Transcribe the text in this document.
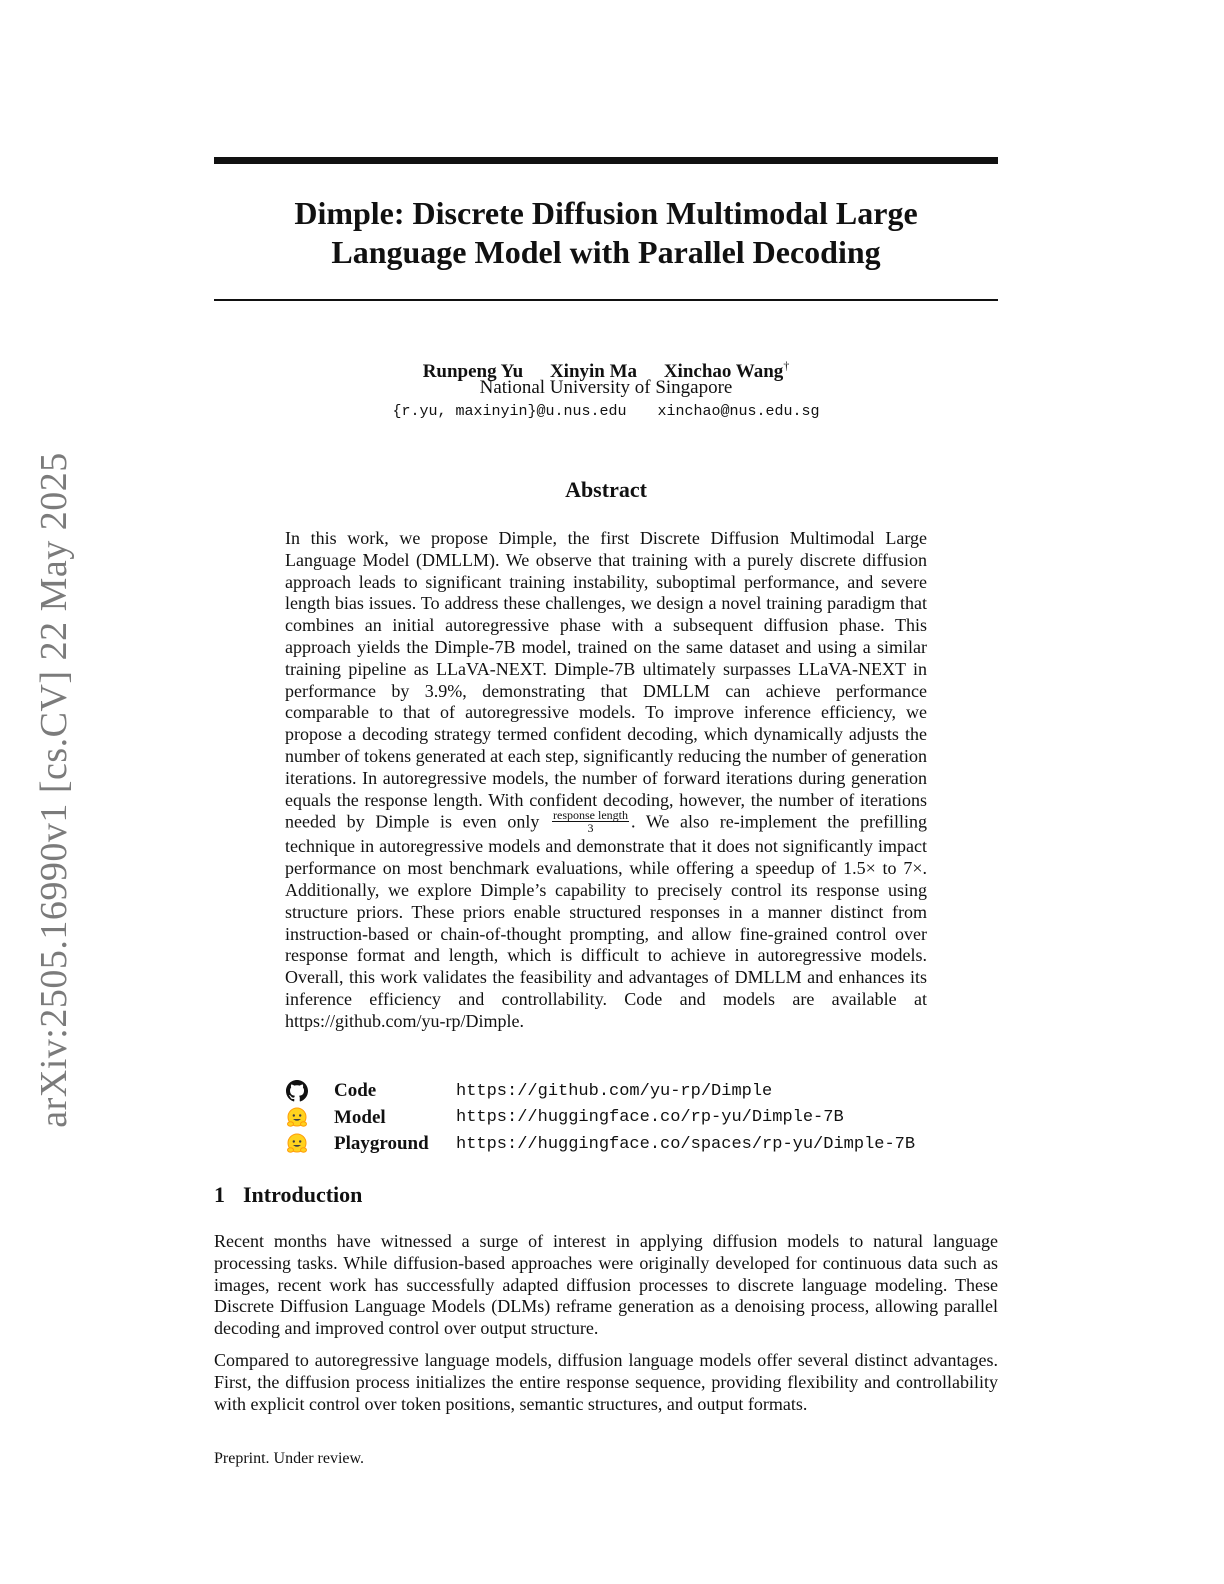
arXiv:2505.16990v1 [cs.CV] 22 May 2025
Dimple: Discrete Diffusion Multimodal Large
Language Model with Parallel Decoding
Runpeng Yu Xinyin Ma Xinchao Wang†
National University of Singapore
{r.yu, maxinyin}@u.nus.edu xinchao@nus.edu.sg
Abstract
In this work, we propose Dimple, the first Discrete Diffusion Multimodal Large Language Model (DMLLM). We observe that training with a purely discrete diffusion approach leads to significant training instability, suboptimal performance, and severe length bias issues. To address these challenges, we design a novel training paradigm that combines an initial autoregressive phase with a subsequent diffusion phase. This approach yields the Dimple-7B model, trained on the same dataset and using a similar training pipeline as LLaVA-NEXT. Dimple-7B ultimately surpasses LLaVA-NEXT in performance by 3.9%, demonstrating that DMLLM can achieve performance comparable to that of autoregressive models. To improve inference efficiency, we propose a decoding strategy termed confident decoding, which dynamically adjusts the number of tokens generated at each step, significantly reducing the number of generation iterations. In autoregressive models, the number of forward iterations during generation equals the response length. With confident decoding, however, the number of iterations needed by Dimple is even only $\frac{\text{response length}}{3}$ . We also re-implement the prefilling technique in autoregressive models and demonstrate that it does not significantly impact performance on most benchmark evaluations, while offering a speedup of 1.5× to 7×. Additionally, we explore Dimple’s capability to precisely control its response using structure priors. These priors enable structured responses in a manner distinct from instruction-based or chain-of-thought prompting, and allow fine-grained control over response format and length, which is difficult to achieve in autoregressive models. Overall, this work validates the feasibility and advantages of DMLLM and enhances its inference efficiency and controllability. Code and models are available at https://github.com/yu-rp/Dimple.
Code	https://github.com/yu-rp/Dimple
Model	https://huggingface.co/rp-yu/Dimple-7B
Playground	https://huggingface.co/spaces/rp-yu/Dimple-7B
1 Introduction
Recent months have witnessed a surge of interest in applying diffusion models to natural language processing tasks. While diffusion-based approaches were originally developed for continuous data such as images, recent work has successfully adapted diffusion processes to discrete language modeling. These Discrete Diffusion Language Models (DLMs) reframe generation as a denoising process, allowing parallel decoding and improved control over output structure.
Compared to autoregressive language models, diffusion language models offer several distinct advantages. First, the diffusion process initializes the entire response sequence, providing flexibility and controllability with explicit control over token positions, semantic structures, and output formats.
Preprint. Under review.
